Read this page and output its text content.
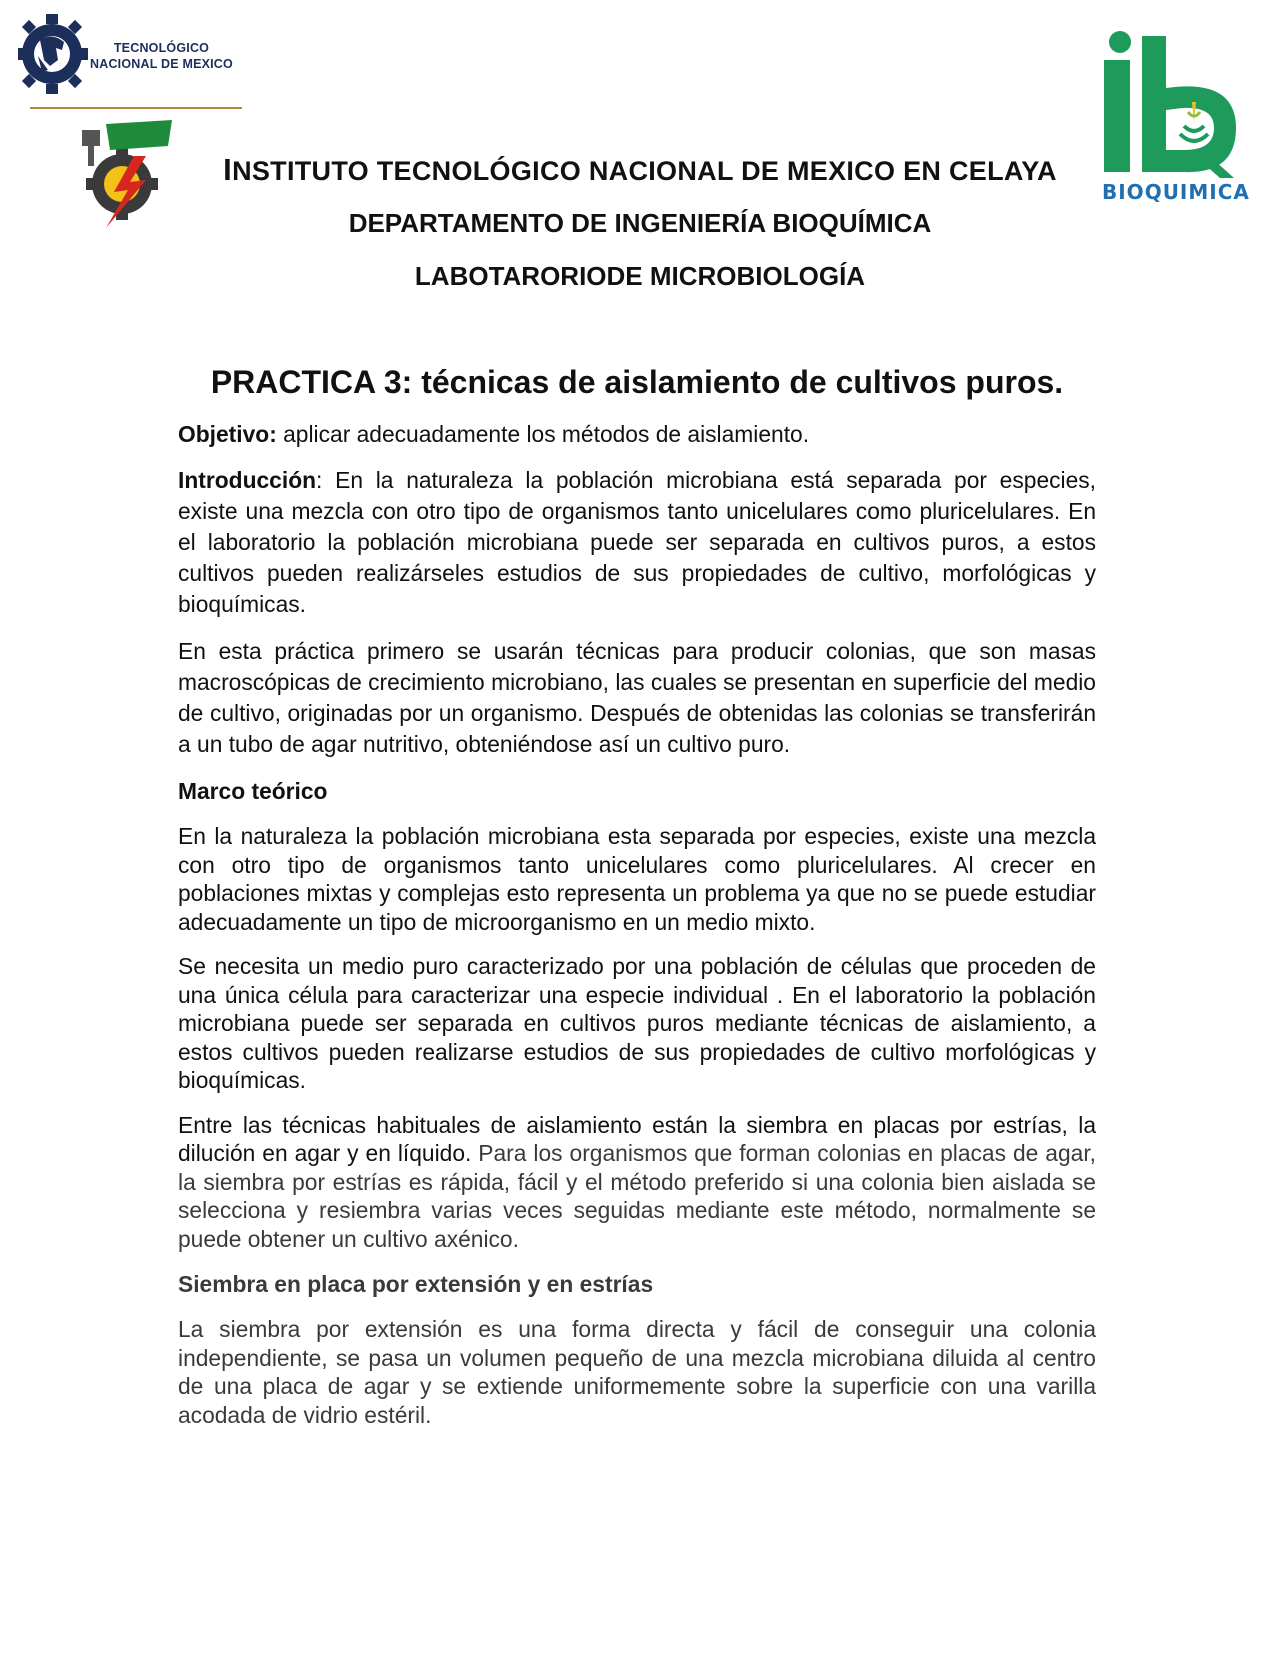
TECNOLÓGICO
NACIONAL DE MEXICO
BIOQUIMICA
INSTITUTO TECNOLÓGICO NACIONAL DE MEXICO EN CELAYA
DEPARTAMENTO DE INGENIERÍA BIOQUÍMICA
LABOTARORIODE MICROBIOLOGÍA
PRACTICA 3: técnicas de aislamiento de cultivos puros.

Objetivo: aplicar adecuadamente los métodos de aislamiento.

Introducción: En la naturaleza la población microbiana está separada por especies, existe una mezcla con otro tipo de organismos tanto unicelulares como pluricelulares. En el laboratorio la población microbiana puede ser separada en cultivos puros, a estos cultivos pueden realizárseles estudios de sus propiedades de cultivo, morfológicas y bioquímicas.

En esta práctica primero se usarán técnicas para producir colonias, que son masas macroscópicas de crecimiento microbiano, las cuales se presentan en superficie del medio de cultivo, originadas por un organismo. Después de obtenidas las colonias se transferirán a un tubo de agar nutritivo, obteniéndose así un cultivo puro.

Marco teórico

En la naturaleza la población microbiana esta separada por especies, existe una mezcla con otro tipo de organismos tanto unicelulares como pluricelulares. Al crecer en poblaciones mixtas y complejas esto representa un problema ya que no se puede estudiar adecuadamente un tipo de microorganismo en un medio mixto.

Se necesita un medio puro caracterizado por una población de células que proceden de una única célula para caracterizar una especie individual . En el laboratorio la población microbiana puede ser separada en cultivos puros mediante técnicas de aislamiento, a estos cultivos pueden realizarse estudios de sus propiedades de cultivo morfológicas y bioquímicas.

Entre las técnicas habituales de aislamiento están la siembra en placas por estrías, la dilución en agar y en líquido. Para los organismos que forman colonias en placas de agar, la siembra por estrías es rápida, fácil y el método preferido si una colonia bien aislada se selecciona y resiembra varias veces seguidas mediante este método, normalmente se puede obtener un cultivo axénico.

Siembra en placa por extensión y en estrías

La siembra por extensión es una forma directa y fácil de conseguir una colonia independiente, se pasa un volumen pequeño de una mezcla microbiana diluida al centro de una placa de agar y se extiende uniformemente sobre la superficie con una varilla acodada de vidrio estéril.
